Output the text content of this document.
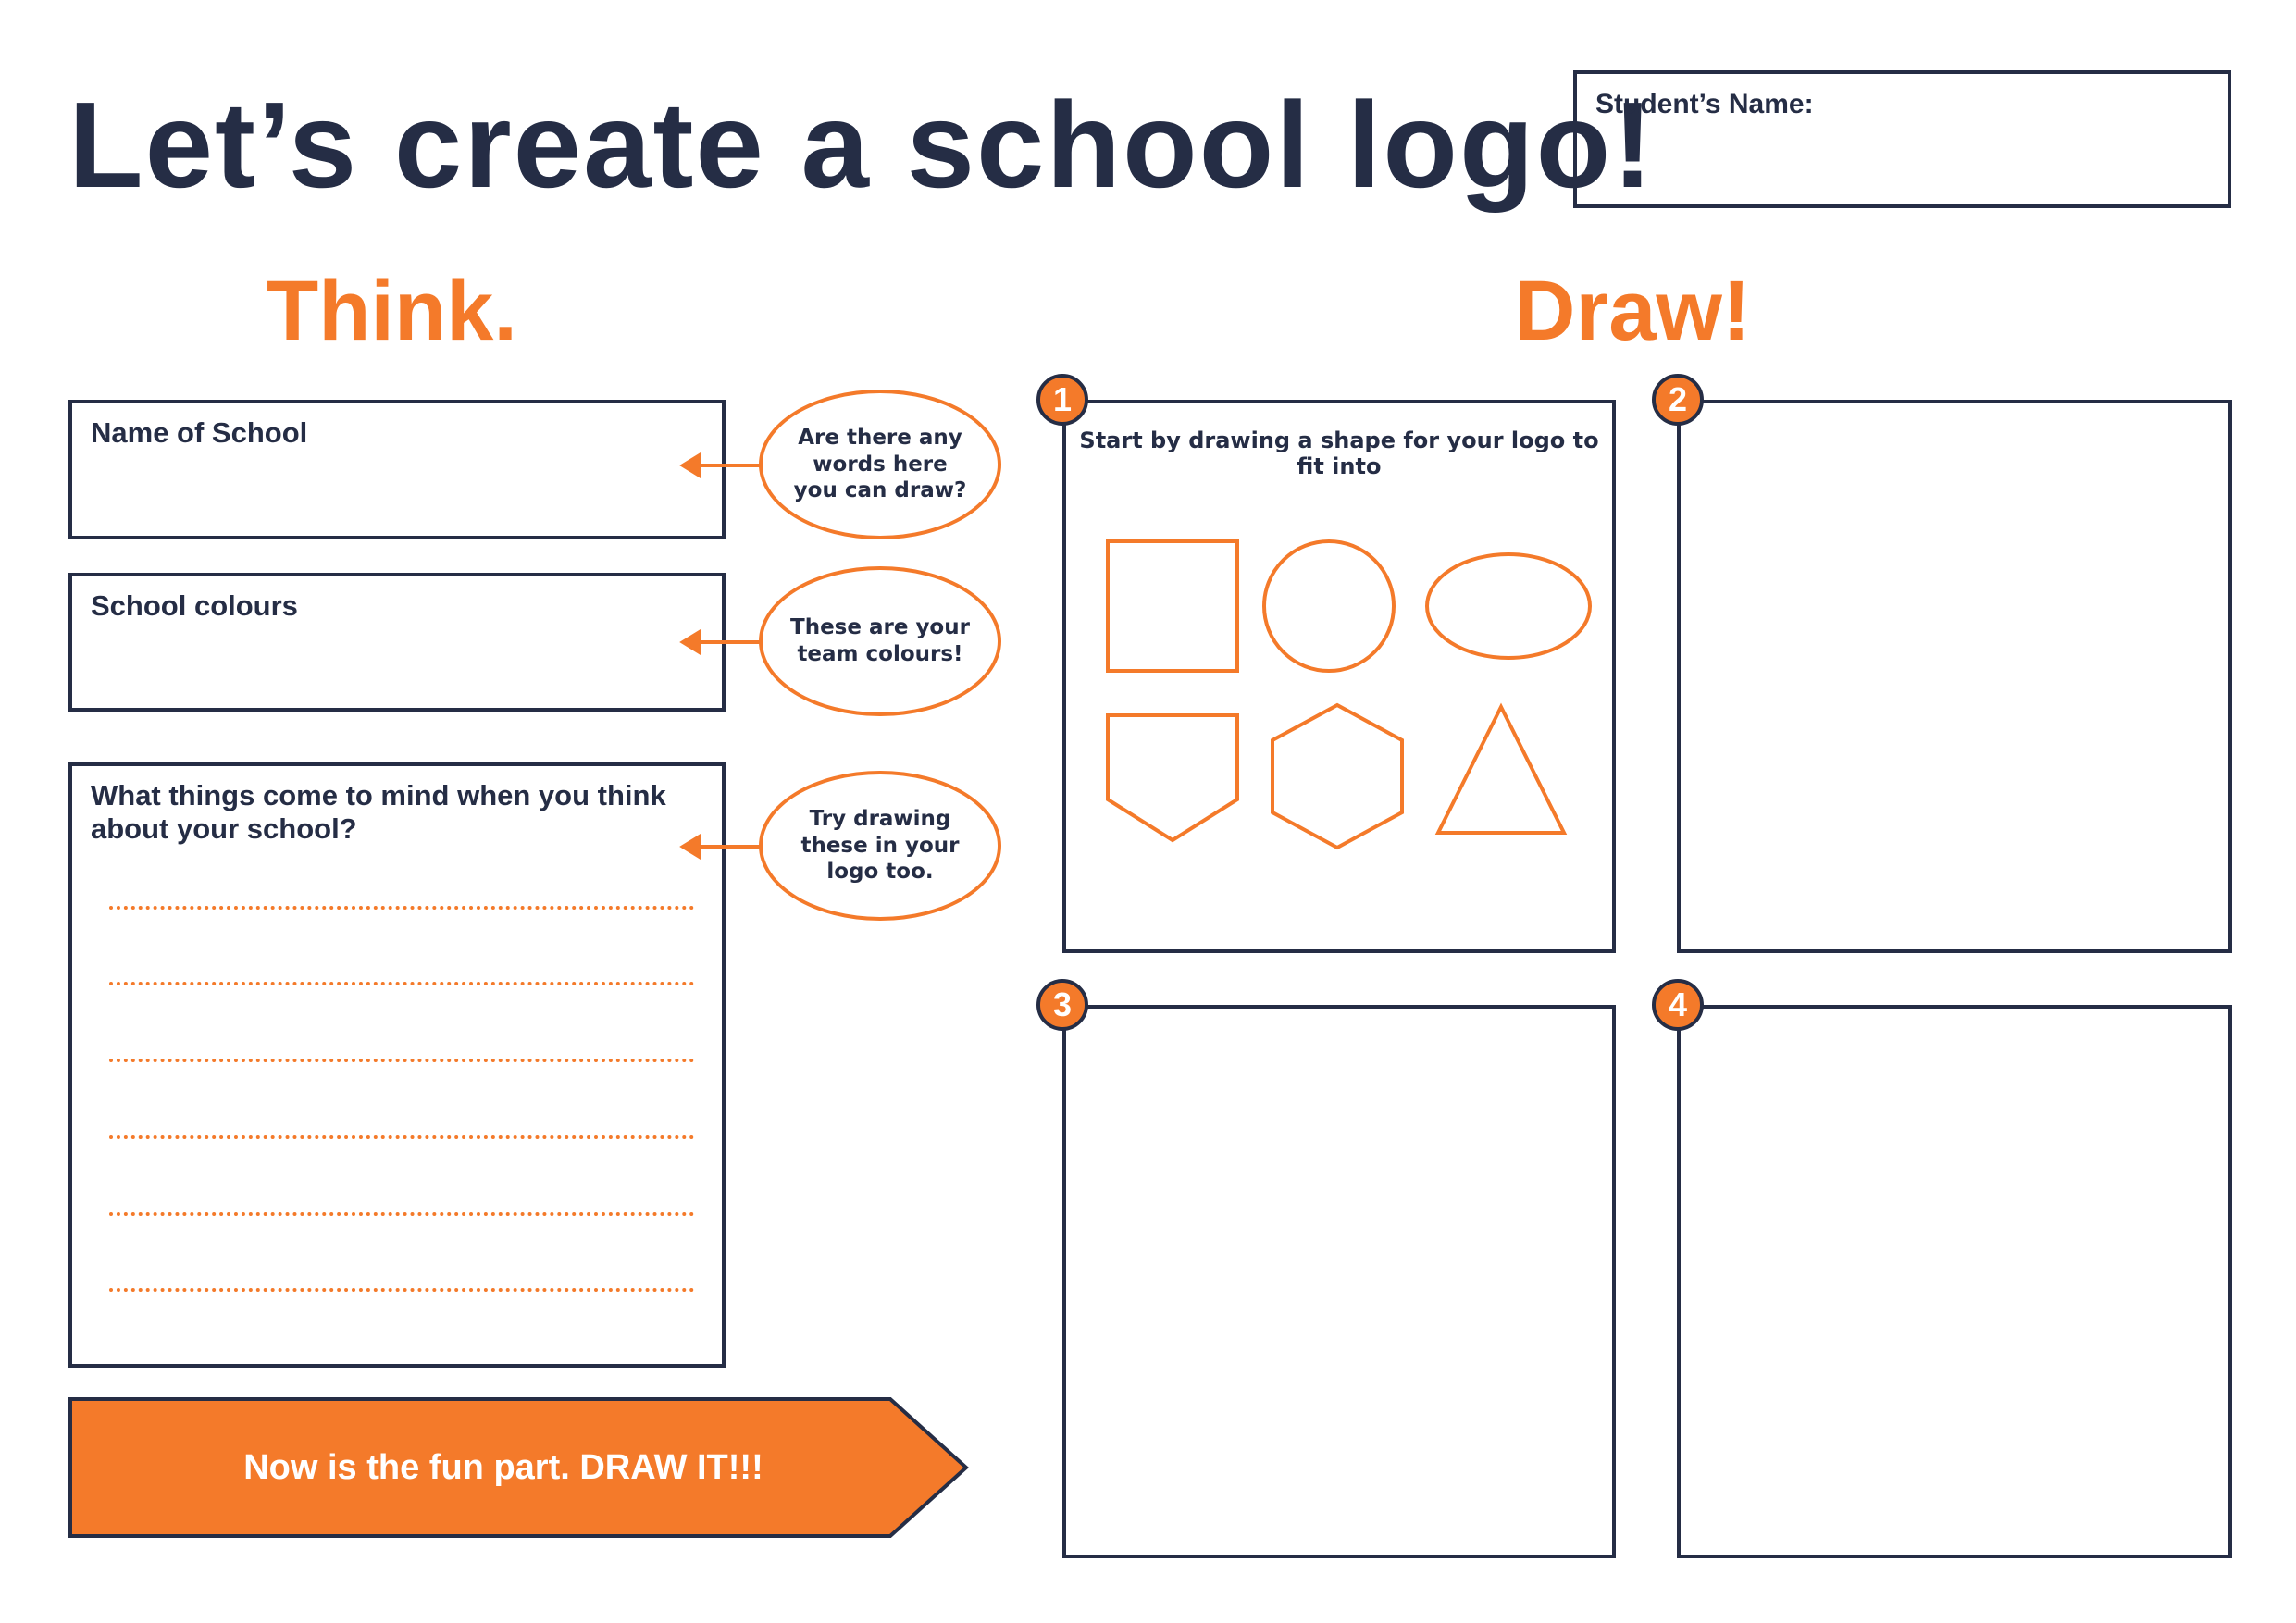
Let’s create a school logo!
Student’s Name:
Think.	Draw!
Name of School
School colours
What things come to mind when you think about your school?
Are there any words here you can draw?
These are your team colours!
Try drawing these in your logo too.
Now is the fun part. DRAW IT!!!
Start by drawing a shape for your logo to fit into
1	2
3	4
